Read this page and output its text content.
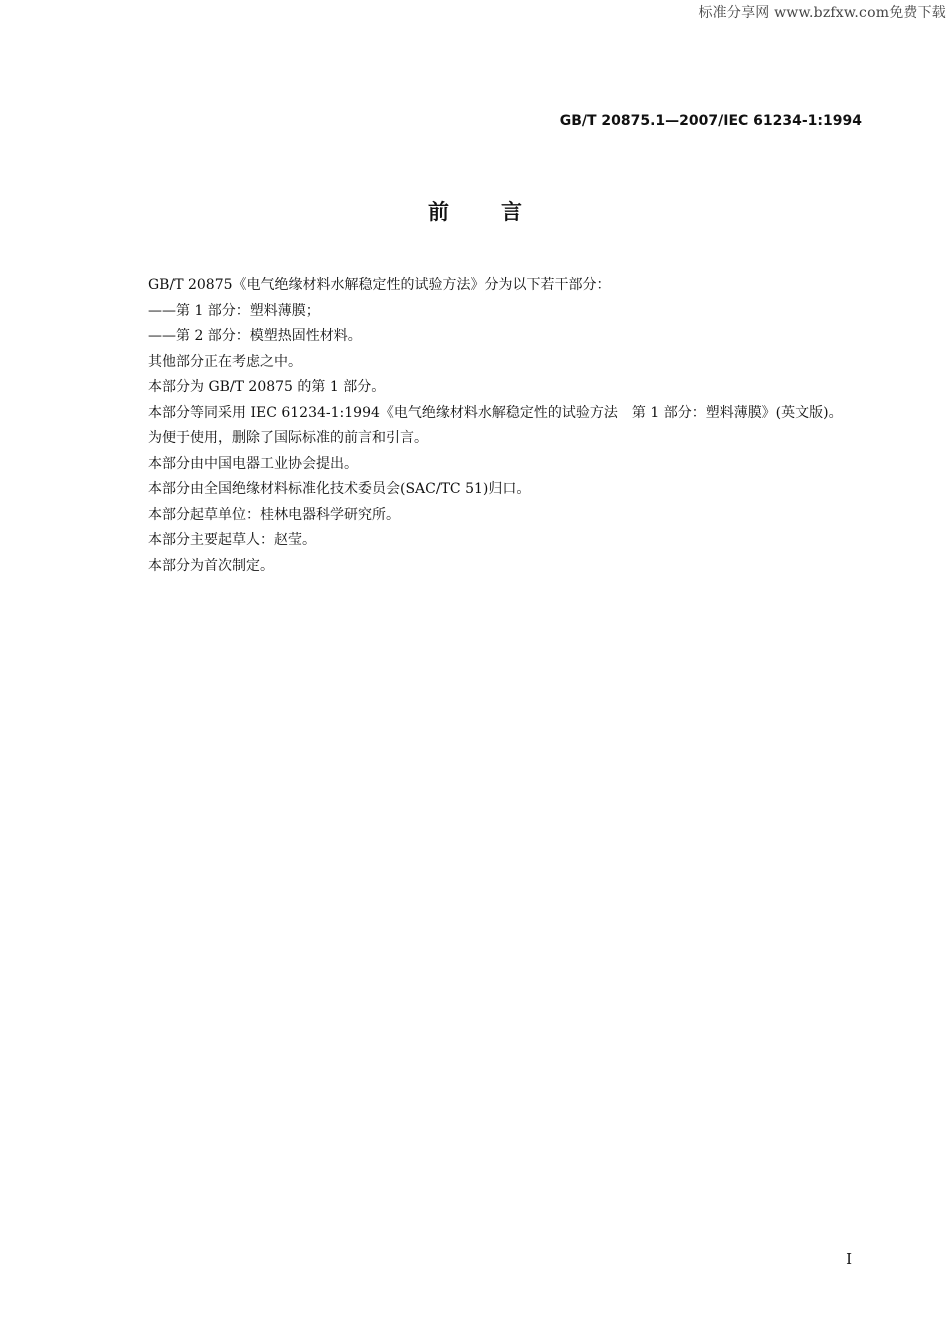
标准分享网 www.bzfxw.com免费下载
GB/T 20875.1—2007/IEC 61234-1:1994
前言

GB/T 20875《电气绝缘材料水解稳定性的试验方法》分为以下若干部分：

——第 1 部分：塑料薄膜；

——第 2 部分：模塑热固性材料。

其他部分正在考虑之中。

本部分为 GB/T 20875 的第 1 部分。

本部分等同采用 IEC 61234-1:1994《电气绝缘材料水解稳定性的试验方法　第 1 部分：塑料薄膜》(英文版)。

为便于使用，删除了国际标准的前言和引言。

本部分由中国电器工业协会提出。

本部分由全国绝缘材料标准化技术委员会(SAC/TC 51)归口。

本部分起草单位：桂林电器科学研究所。

本部分主要起草人：赵莹。

本部分为首次制定。

I
